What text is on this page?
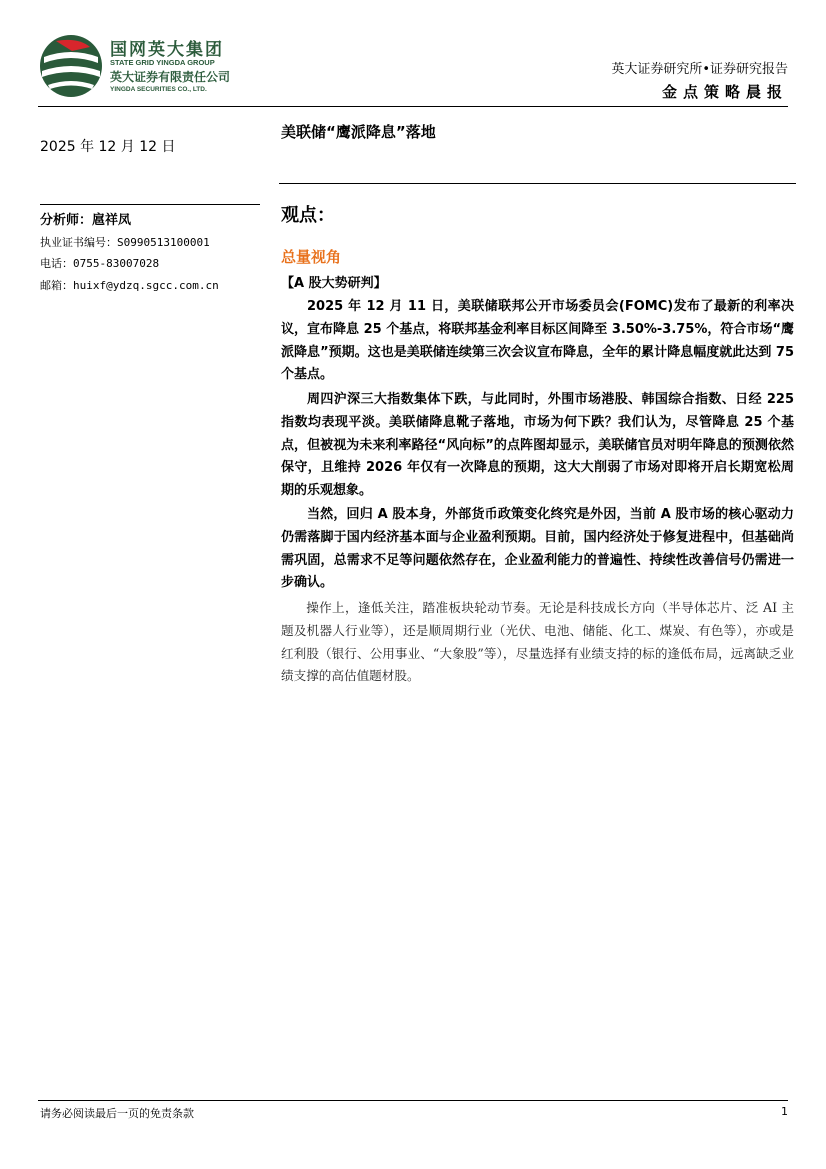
国网英大集团
STATE GRID YINGDA GROUP
英大证券有限责任公司
YINGDA SECURITIES CO., LTD.
英大证券研究所•证券研究报告
金点策略晨报
2025 年 12 月 12 日
分析师：扈祥凤
执业证书编号：S0990513100001
电话：0755-83007028
邮箱：huixf@ydzq.sgcc.com.cn
美联储“鹰派降息”落地
观点：
总量视角
【A 股大势研判】
2025 年 12 月 11 日，美联储联邦公开市场委员会(FOMC)发布了最新的利率决议，宣布降息 25 个基点，将联邦基金利率目标区间降至 3.50%-3.75%，符合市场“鹰派降息”预期。这也是美联储连续第三次会议宣布降息，全年的累计降息幅度就此达到 75 个基点。
周四沪深三大指数集体下跌，与此同时，外围市场港股、韩国综合指数、日经 225 指数均表现平淡。美联储降息靴子落地，市场为何下跌？我们认为，尽管降息 25 个基点，但被视为未来利率路径“风向标”的点阵图却显示，美联储官员对明年降息的预测依然保守，且维持 2026 年仅有一次降息的预期，这大大削弱了市场对即将开启长期宽松周期的乐观想象。
当然，回归 A 股本身，外部货币政策变化终究是外因，当前 A 股市场的核心驱动力仍需落脚于国内经济基本面与企业盈利预期。目前，国内经济处于修复进程中，但基础尚需巩固，总需求不足等问题依然存在，企业盈利能力的普遍性、持续性改善信号仍需进一步确认。
操作上，逢低关注，踏准板块轮动节奏。无论是科技成长方向（半导体芯片、泛 AI 主题及机器人行业等），还是顺周期行业（光伏、电池、储能、化工、煤炭、有色等），亦或是红利股（银行、公用事业、“大象股”等），尽量选择有业绩支持的标的逢低布局，远离缺乏业绩支撑的高估值题材股。
请务必阅读最后一页的免责条款	1
